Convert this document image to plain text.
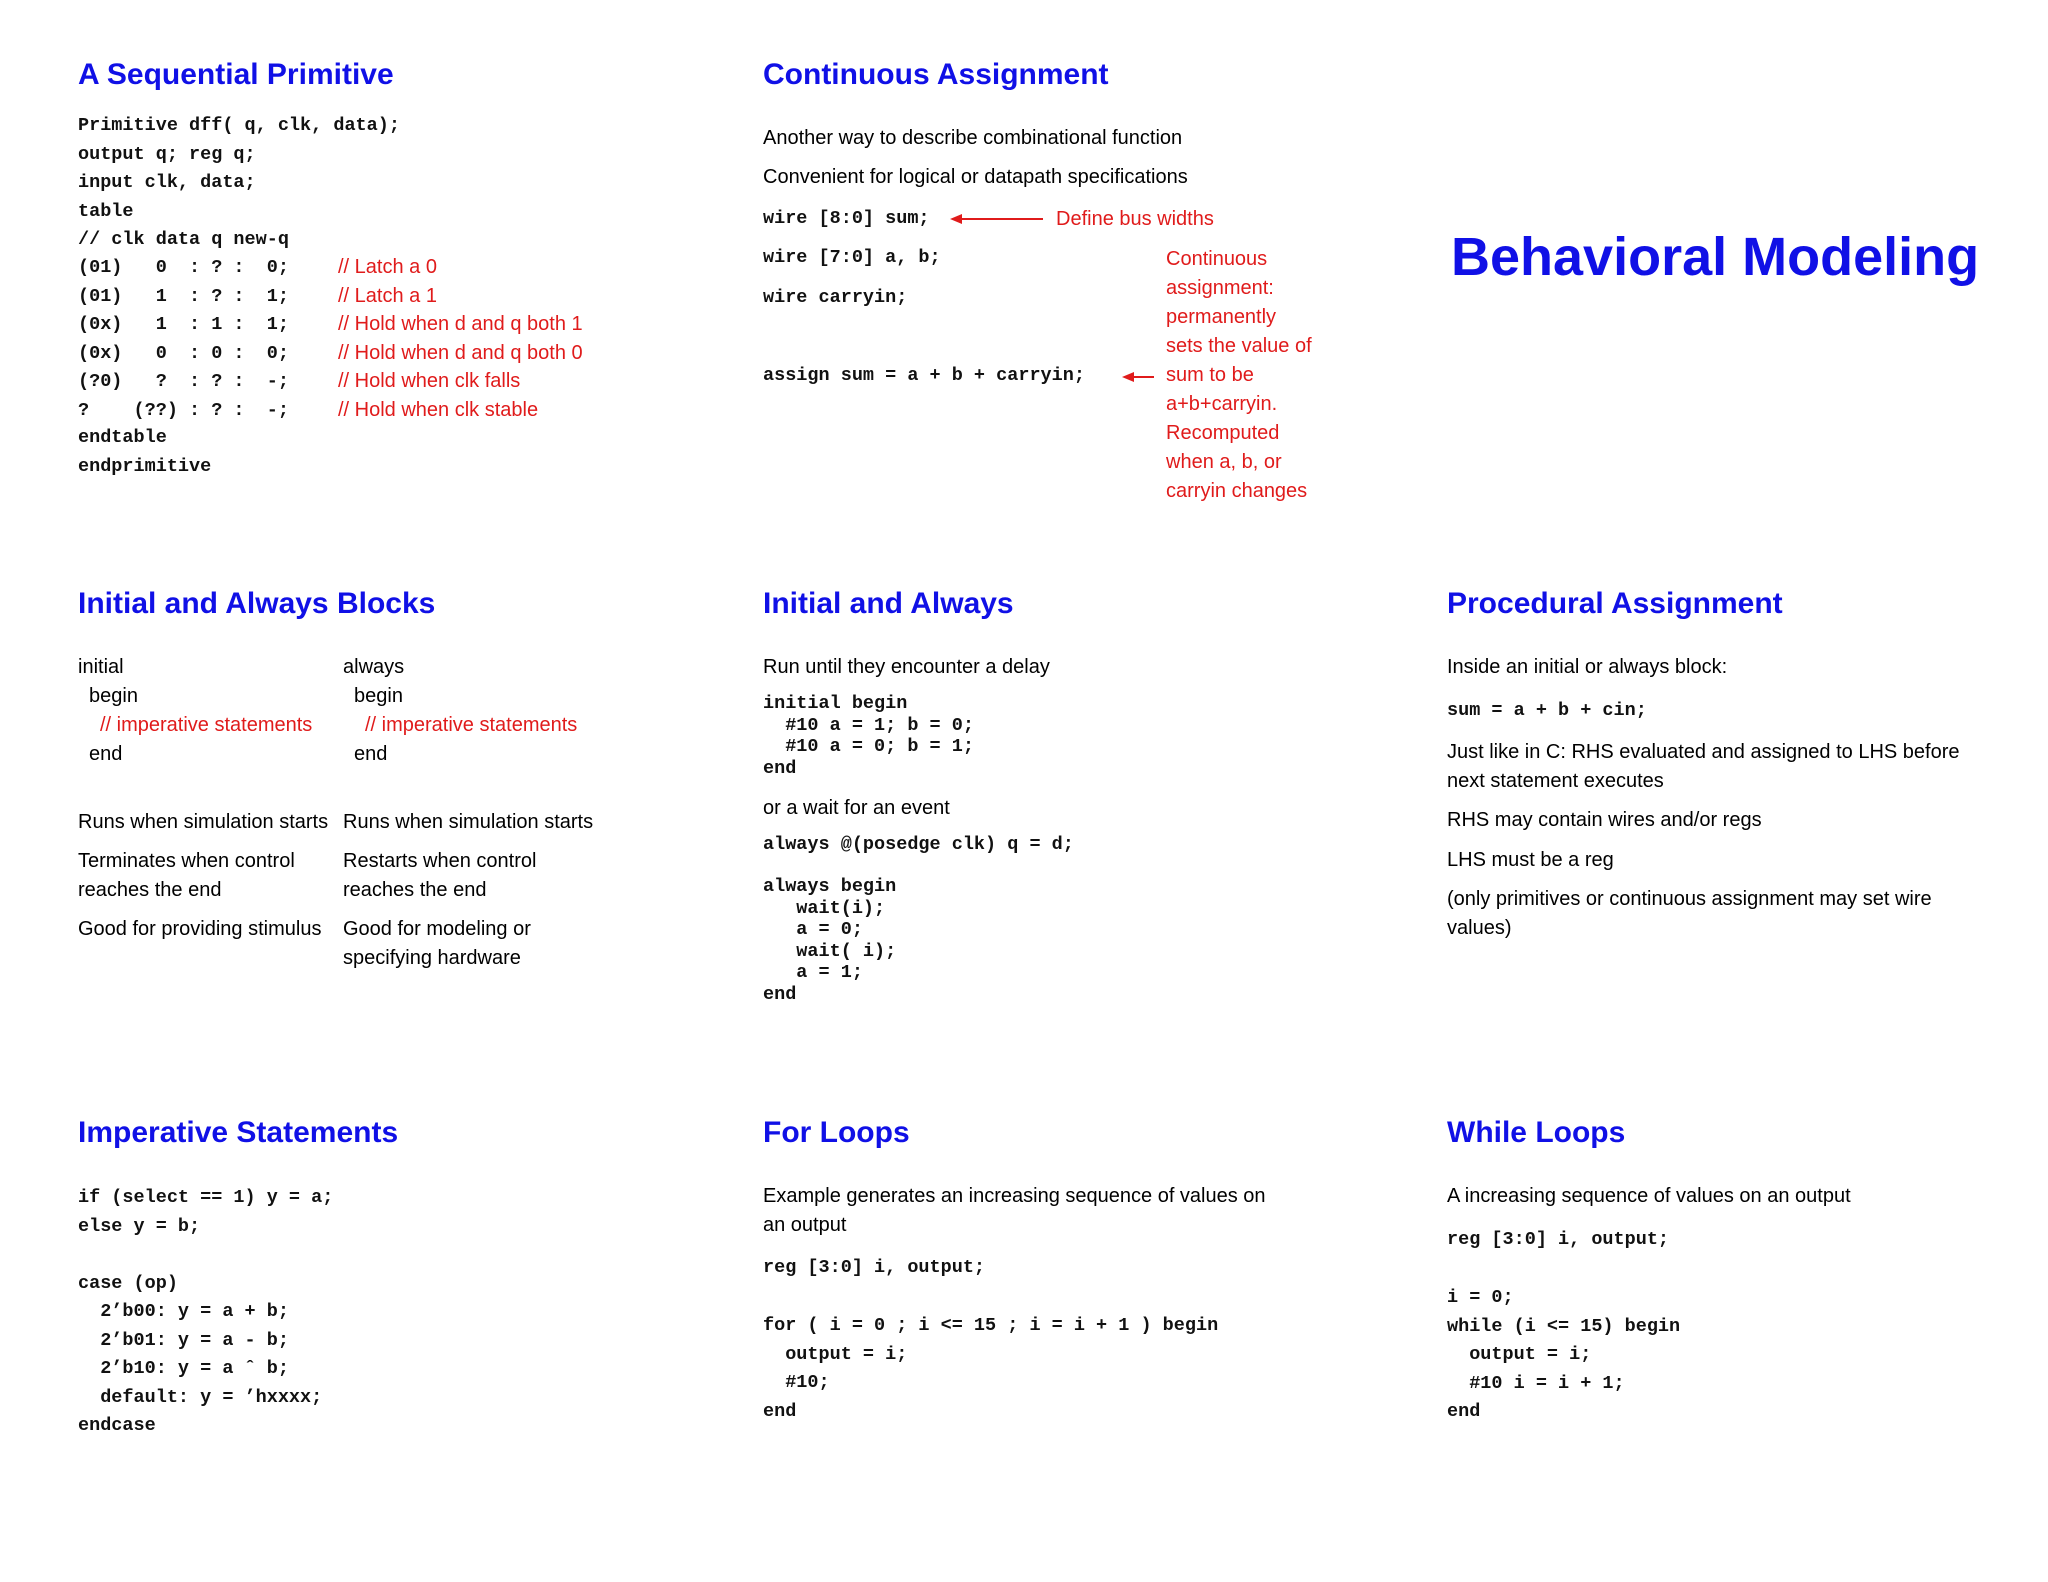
A Sequential Primitive
Primitive dff( q, clk, data);
output q; reg q;
input clk, data;
table
// clk data q new-q
(01)   0  : ? :  0;
(01)   1  : ? :  1;
(0x)   1  : 1 :  1;
(0x)   0  : 0 :  0;
(?0)   ?  : ? :  -;
?    (??) : ? :  -;
// Latch a 0
// Latch a 1
// Hold when d and q both 1
// Hold when d and q both 0
// Hold when clk falls
// Hold when clk stable
endtable
endprimitive
Continuous Assignment

Another way to describe combinational function

Convenient for logical or datapath specifications

wire [8:0] sum;	Define bus widths

wire [7:0] a, b;
wire carryin;
assign sum = a + b + carryin;
Continuous
assignment:
permanently
sets the value of
sum to be
a+b+carryin.
Recomputed
when a, b, or
carryin changes
Behavioral Modeling
Initial and Always Blocks

initial

begin

// imperative statements

end

always

begin

// imperative statements

end

Runs when simulation starts

Terminates when control
reaches the end

Good for providing stimulus

Runs when simulation starts

Restarts when control
reaches the end

Good for modeling or
specifying hardware

Initial and Always

Run until they encounter a delay

initial begin
#10 a = 1; b = 0;
#10 a = 0; b = 1;
end

or a wait for an event

always @(posedge clk) q = d;
always begin
wait(i);
a = 0;
wait( i);
a = 1;
end
Procedural Assignment

Inside an initial or always block:

sum = a + b + cin;

Just like in C: RHS evaluated and assigned to LHS before
next statement executes

RHS may contain wires and/or regs

LHS must be a reg

(only primitives or continuous assignment may set wire
values)

Imperative Statements
if (select == 1) y = a;
else y = b;

case (op)
2’b00: y = a + b;
2’b01: y = a - b;
2’b10: y = a ˆ b;
default: y = ’hxxxx;
endcase
For Loops

Example generates an increasing sequence of values on
an output

reg [3:0] i, output;
for ( i = 0 ; i <= 15 ; i = i + 1 ) begin
output = i;
#10;
end
While Loops

A increasing sequence of values on an output

reg [3:0] i, output;
i = 0;
while (i <= 15) begin
output = i;
#10 i = i + 1;
end
